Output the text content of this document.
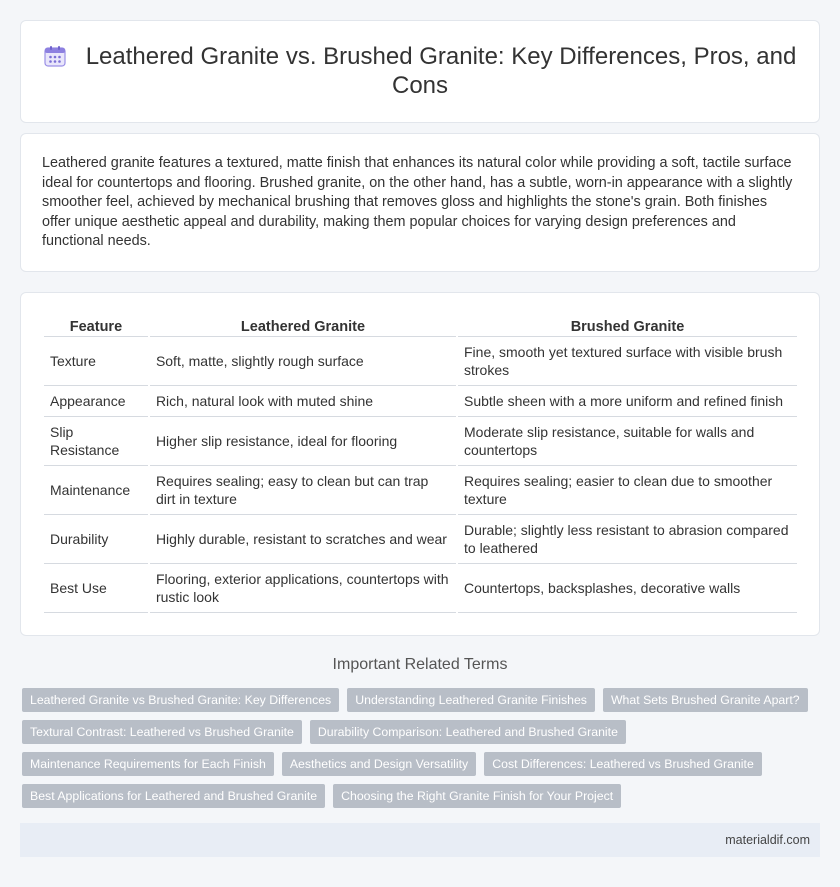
Leathered Granite vs. Brushed Granite: Key Differences, Pros, and Cons

Leathered granite features a textured, matte finish that enhances its natural color while providing a soft, tactile surface ideal for countertops and flooring. Brushed granite, on the other hand, has a subtle, worn-in appearance with a slightly smoother feel, achieved by mechanical brushing that removes gloss and highlights the stone's grain. Both finishes offer unique aesthetic appeal and durability, making them popular choices for varying design preferences and functional needs.

Feature	Leathered Granite	Brushed Granite
Texture	Soft, matte, slightly rough surface	Fine, smooth yet textured surface with visible brush strokes
Appearance	Rich, natural look with muted shine	Subtle sheen with a more uniform and refined finish
Slip Resistance	Higher slip resistance, ideal for flooring	Moderate slip resistance, suitable for walls and countertops
Maintenance	Requires sealing; easy to clean but can trap dirt in texture	Requires sealing; easier to clean due to smoother texture
Durability	Highly durable, resistant to scratches and wear	Durable; slightly less resistant to abrasion compared to leathered
Best Use	Flooring, exterior applications, countertops with rustic look	Countertops, backsplashes, decorative walls
Important Related Terms
Leathered Granite vs Brushed Granite: Key Differences	Understanding Leathered Granite Finishes	What Sets Brushed Granite Apart?
Textural Contrast: Leathered vs Brushed Granite	Durability Comparison: Leathered and Brushed Granite
Maintenance Requirements for Each Finish	Aesthetics and Design Versatility	Cost Differences: Leathered vs Brushed Granite
Best Applications for Leathered and Brushed Granite	Choosing the Right Granite Finish for Your Project
materialdif.com
